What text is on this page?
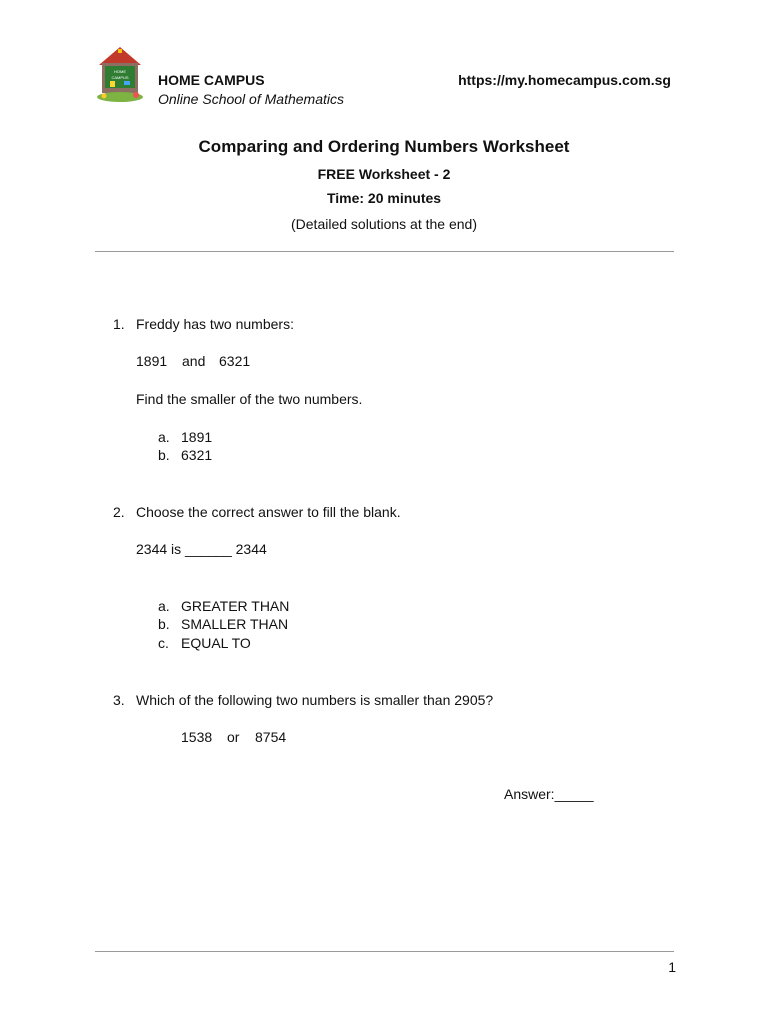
HOME
CAMPUS HOME CAMPUS
Online School of Mathematics
https://my.homecampus.com.sg
Comparing and Ordering Numbers Worksheet
FREE Worksheet - 2
Time: 20 minutes
(Detailed solutions at the end)
1. Freddy has two numbers:
1891 and 6321
Find the smaller of the two numbers.
a. 1891
b. 6321
2. Choose the correct answer to fill the blank.
2344 is ______ 2344
a. GREATER THAN
b. SMALLER THAN
c. EQUAL TO
3. Which of the following two numbers is smaller than 2905?
1538 or 8754
Answer:_____
1
